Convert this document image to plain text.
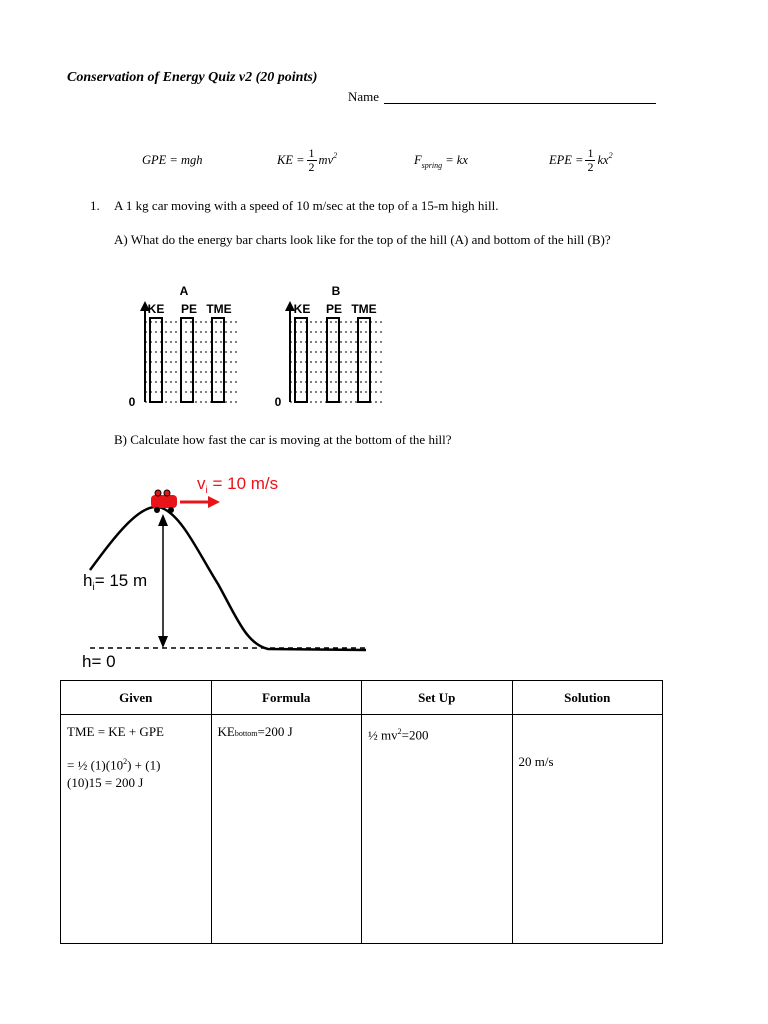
Conservation of Energy Quiz v2 (20 points)
Name
GPE = mgh	KE = $\frac{1}{2}$ mv 2	F spring
= kx	EPE = $\frac{1}{2}$ kx 2
1. A 1 kg car moving with a speed of 10 m/sec at the top of a 15-m high hill.
A) What do the energy bar charts look like for the top of the hill (A) and bottom of the hill (B)?
A
KE PE TME
0
B
KE PE TME
0
B) Calculate how fast the car is moving at the bottom of the hill?
$v_i = 10$ m/s
$h_i= 15$ m
h= 0
Given	Formula	Set Up	Solution

TME = KE + GPE
= ½ $(1)(10^2) + (1)$
(10)15 = 200 J	KEbottom=200 J	½ $mv^2=200$	20 m/s
